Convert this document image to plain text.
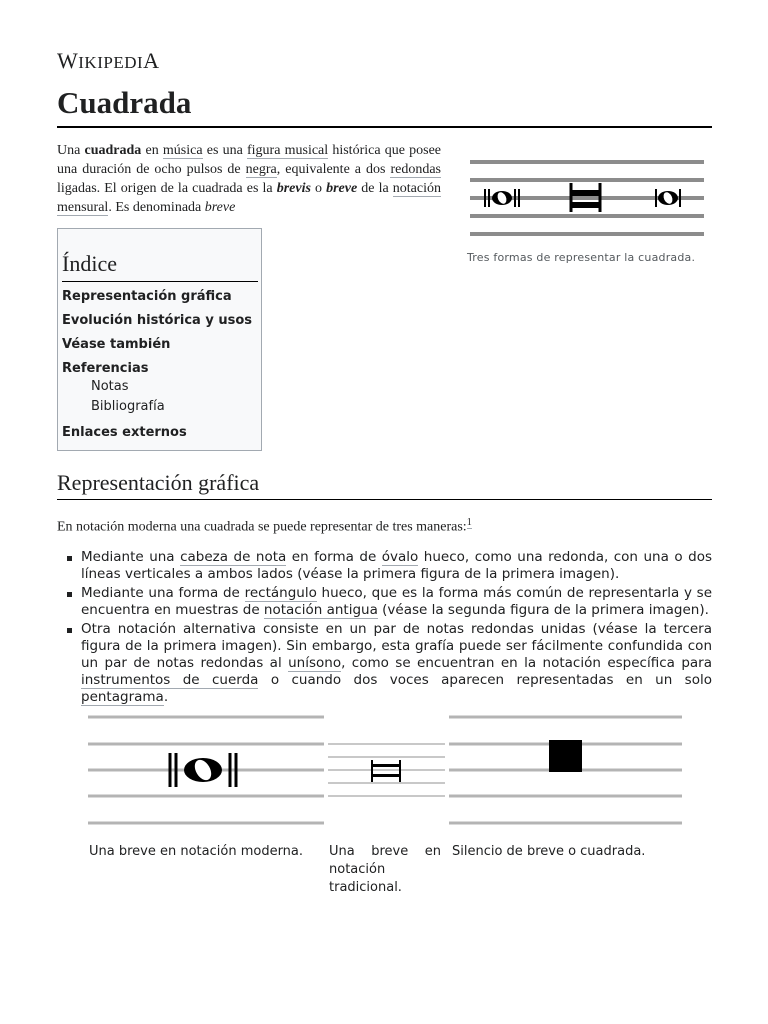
WIKIPEDIA
Cuadrada

Una cuadrada en música es una figura musical histórica que posee una duración de ocho pulsos de negra, equivalente a dos redondas ligadas. El origen de la cuadrada es la brevis o breve de la notación mensural. Es denominada breve

Tres formas de representar la cuadrada.
Índice
Representación gráfica
Evolución histórica y usos
Véase también
Referencias
Notas
Bibliografía
Enlaces externos
Representación gráfica
En notación moderna una cuadrada se puede representar de tres maneras:$^1$
Mediante una cabeza de nota en forma de óvalo hueco, como una redonda, con una o dos líneas verticales a ambos lados (véase la primera figura de la primera imagen).
Mediante una forma de rectángulo hueco, que es la forma más común de representarla y se encuentra en muestras de notación antigua (véase la segunda figura de la primera imagen).
Otra notación alternativa consiste en un par de notas redondas unidas (véase la tercera figura de la primera imagen). Sin embargo, esta grafía puede ser fácilmente confundida con un par de notas redondas al unísono, como se encuentran en la notación específica para instrumentos de cuerda o cuando dos voces aparecen representadas en un solo pentagrama.
Una breve en notación moderna.	Una breve en notación tradicional.
Silencio de breve o cuadrada.
